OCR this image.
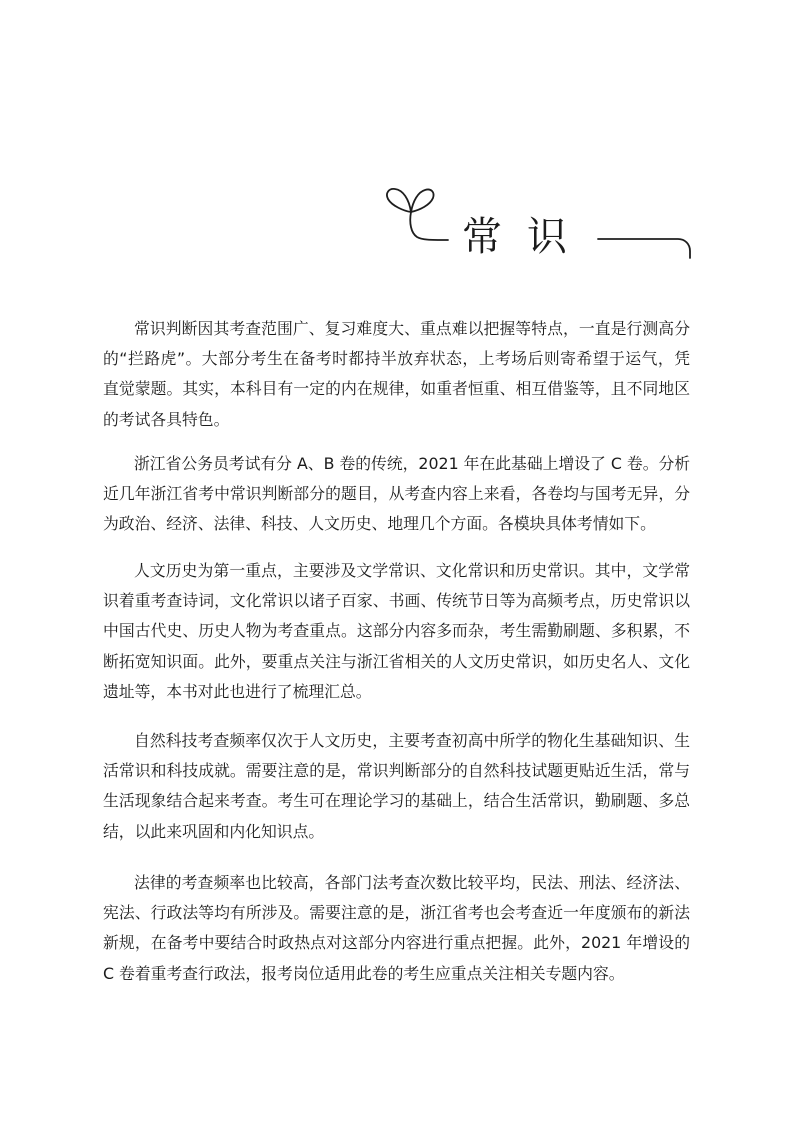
常识
常识判断因其考查范围广、复习难度大、重点难以把握等特点，一直是行测高分
的“拦路虎”。大部分考生在备考时都持半放弃状态，上考场后则寄希望于运气，凭
直觉蒙题。其实，本科目有一定的内在规律，如重者恒重、相互借鉴等，且不同地区
的考试各具特色。
浙江省公务员考试有分 A、B 卷的传统，2021 年在此基础上增设了 C 卷。分析
近几年浙江省考中常识判断部分的题目，从考查内容上来看，各卷均与国考无异，分
为政治、经济、法律、科技、人文历史、地理几个方面。各模块具体考情如下。
人文历史为第一重点，主要涉及文学常识、文化常识和历史常识。其中，文学常
识着重考查诗词，文化常识以诸子百家、书画、传统节日等为高频考点，历史常识以
中国古代史、历史人物为考查重点。这部分内容多而杂，考生需勤刷题、多积累，不
断拓宽知识面。此外，要重点关注与浙江省相关的人文历史常识，如历史名人、文化
遗址等，本书对此也进行了梳理汇总。
自然科技考查频率仅次于人文历史，主要考查初高中所学的物化生基础知识、生
活常识和科技成就。需要注意的是，常识判断部分的自然科技试题更贴近生活，常与
生活现象结合起来考查。考生可在理论学习的基础上，结合生活常识，勤刷题、多总
结，以此来巩固和内化知识点。
法律的考查频率也比较高，各部门法考查次数比较平均，民法、刑法、经济法、
宪法、行政法等均有所涉及。需要注意的是，浙江省考也会考查近一年度颁布的新法
新规，在备考中要结合时政热点对这部分内容进行重点把握。此外，2021 年增设的
C 卷着重考查行政法，报考岗位适用此卷的考生应重点关注相关专题内容。
